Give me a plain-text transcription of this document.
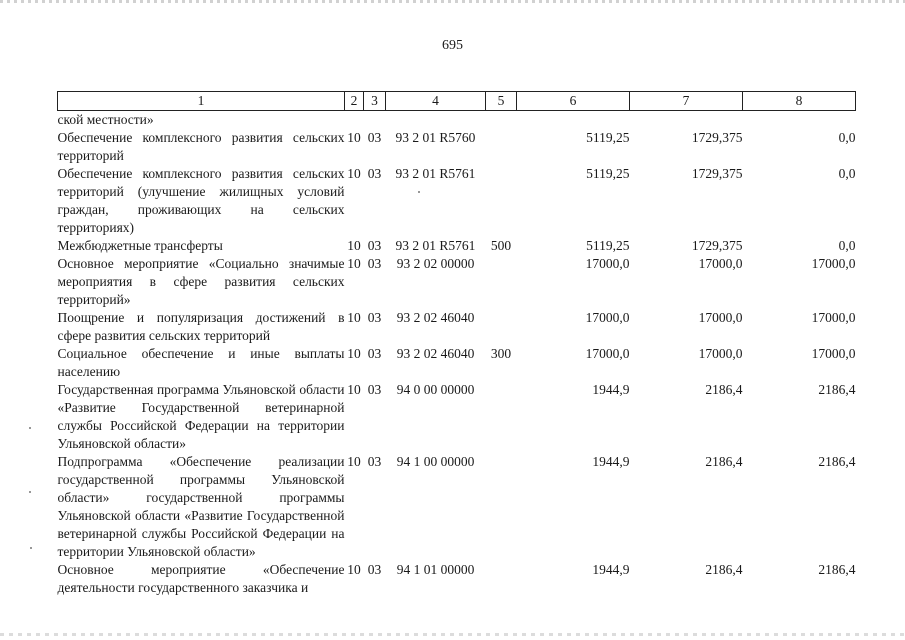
695
1	2	3	4	5	6	7	8
ской местности»							
Обеспечение комплексного развития сельских территорий	10	03	93 2 01 R5760		5119,25	1729,375	0,0
Обеспечение комплексного развития сельских территорий (улучшение жилищных условий граждан, проживающих на сельских территориях)	10	03	93 2 01 R5761		5119,25	1729,375	0,0
Межбюджетные трансферты	10	03	93 2 01 R5761	500	5119,25	1729,375	0,0
Основное мероприятие «Социально значимые мероприятия в сфере развития сельских территорий»	10	03	93 2 02 00000		17000,0	17000,0	17000,0
Поощрение и популяризация достижений в сфере развития сельских территорий	10	03	93 2 02 46040		17000,0	17000,0	17000,0
Социальное обеспечение и иные выплаты населению	10	03	93 2 02 46040	300	17000,0	17000,0	17000,0
Государственная программа Ульяновской области «Развитие Государственной ветеринарной службы Российской Федерации на территории Ульяновской области»	10	03	94 0 00 00000		1944,9	2186,4	2186,4
Подпрограмма «Обеспечение реализации государственной программы Ульяновской области» государственной программы Ульяновской области «Развитие Государственной ветеринарной службы Российской Федерации на территории Ульяновской области»	10	03	94 1 00 00000		1944,9	2186,4	2186,4
Основное мероприятие «Обеспечение деятельности государственного заказчика и	10	03	94 1 01 00000		1944,9	2186,4	2186,4
